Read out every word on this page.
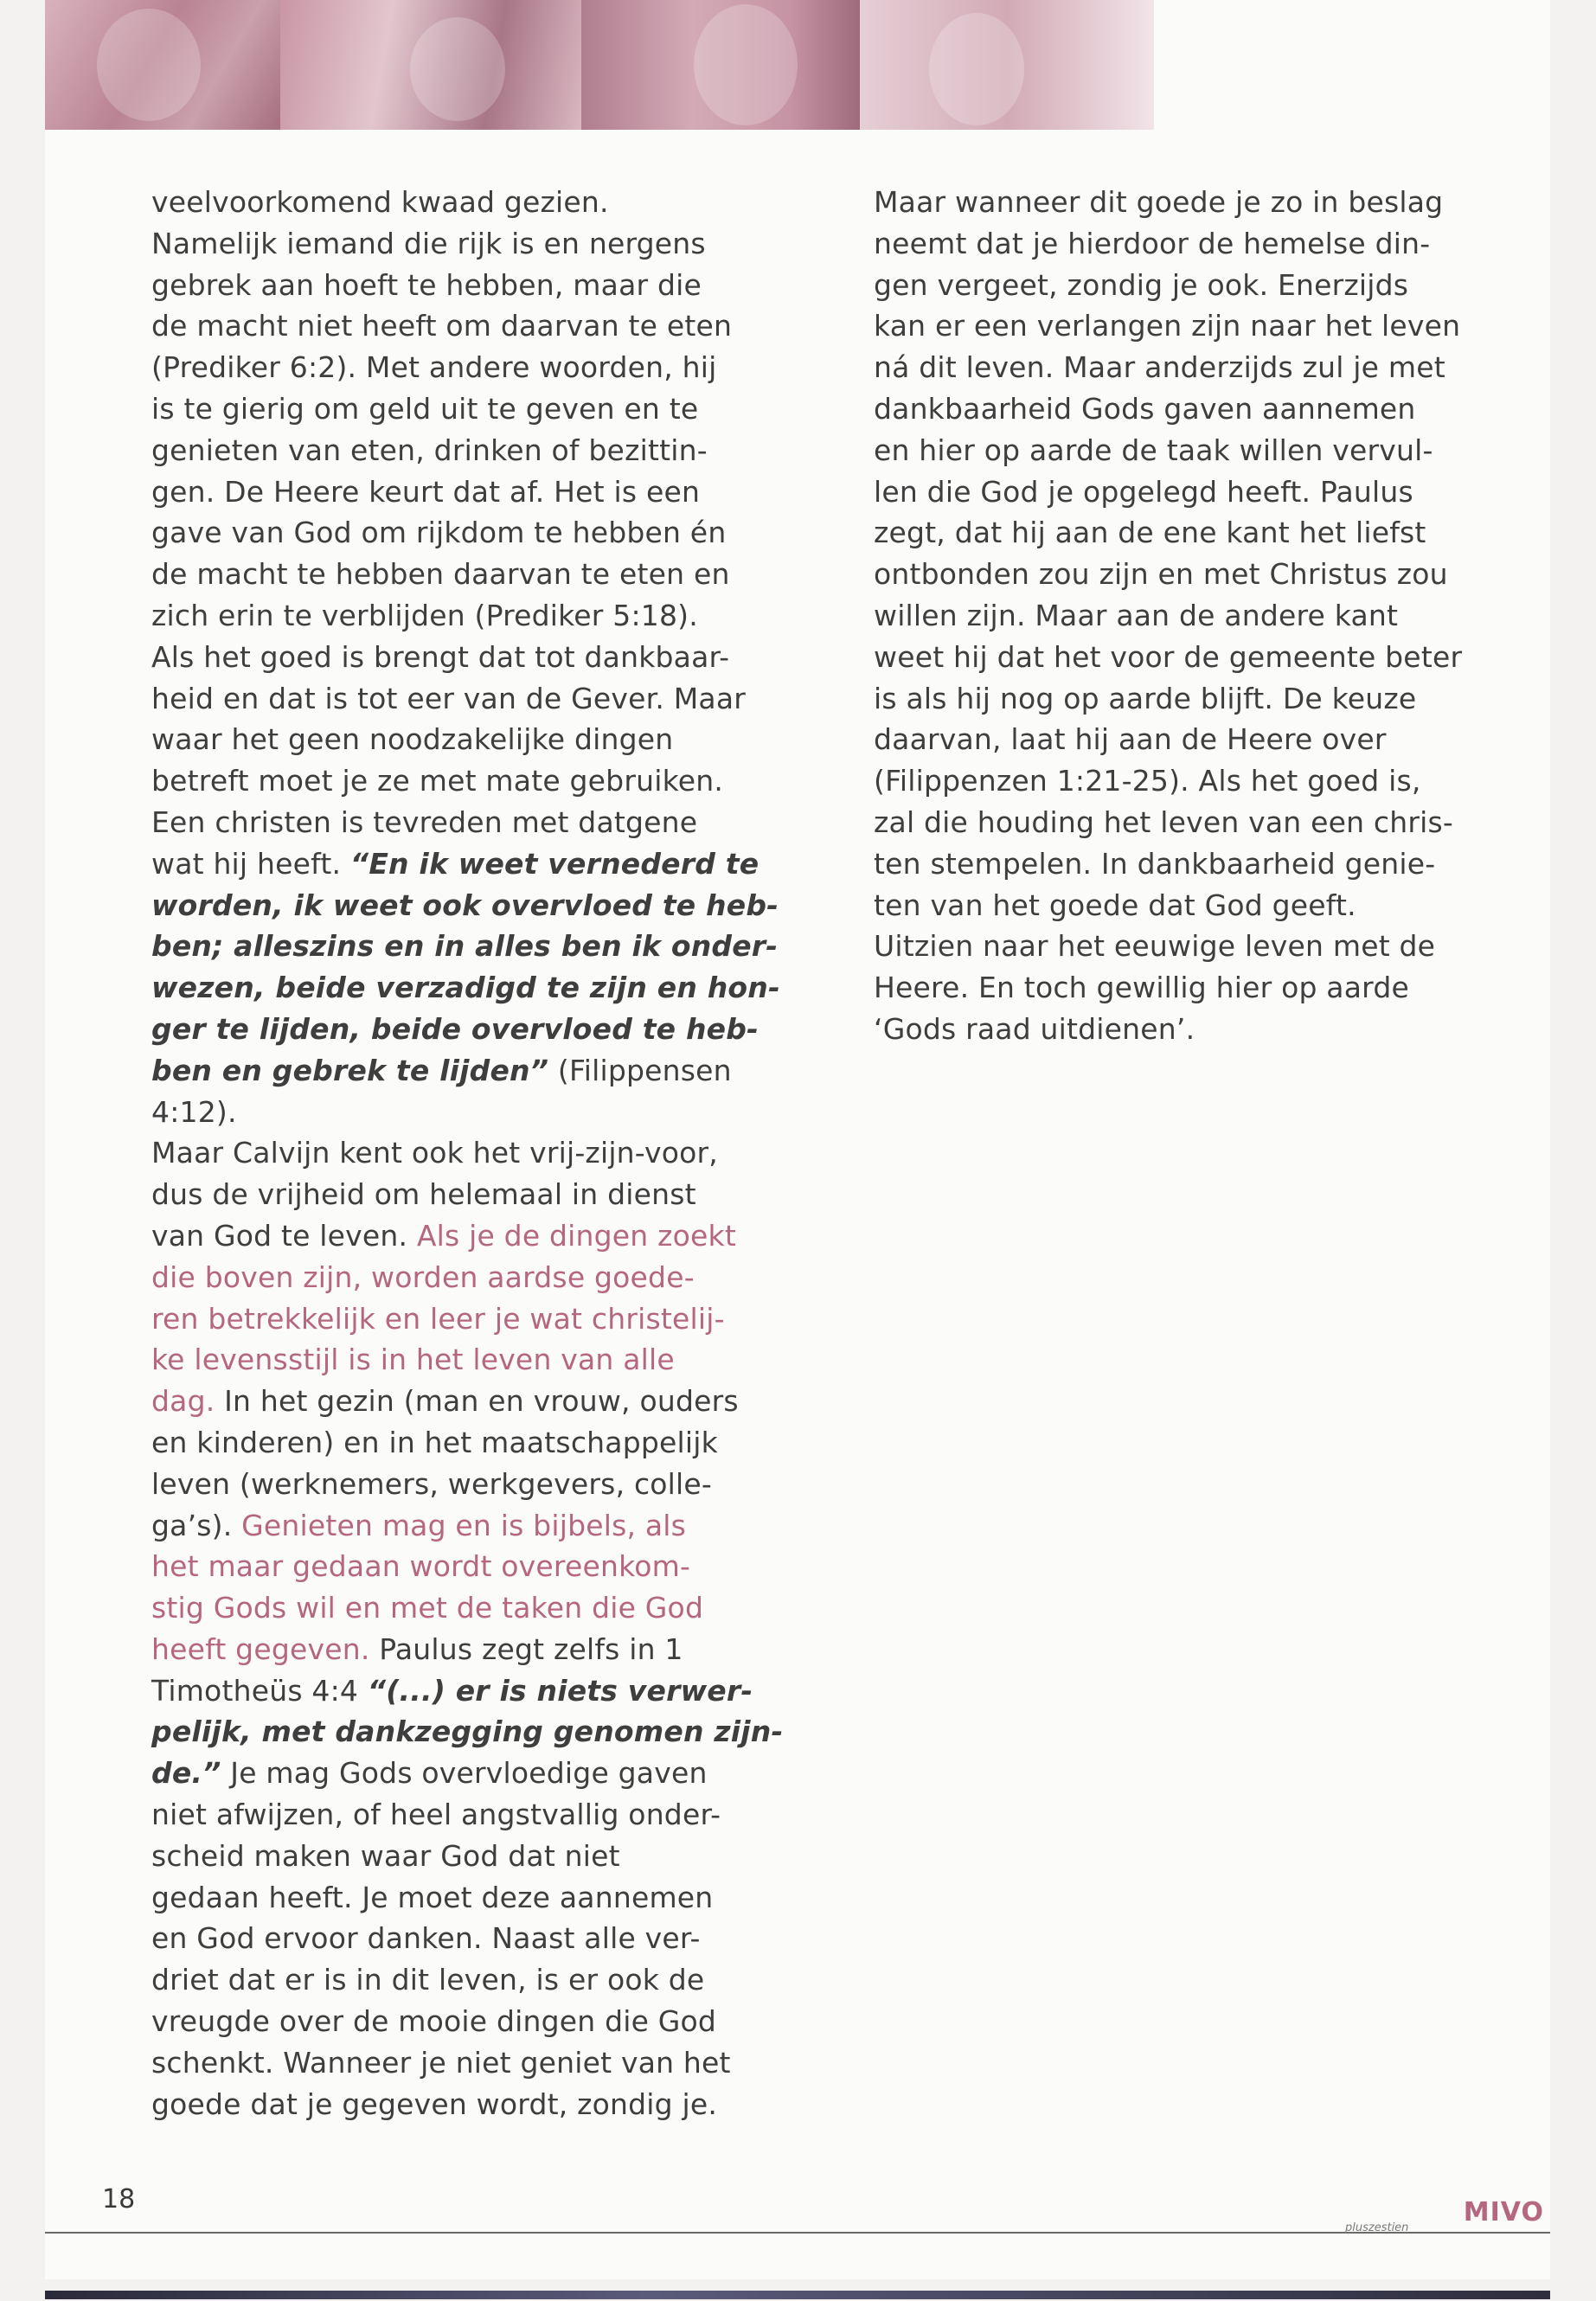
veelvoorkomend kwaad gezien.
Namelijk iemand die rijk is en nergens
gebrek aan hoeft te hebben, maar die
de macht niet heeft om daarvan te eten
(Prediker 6:2). Met andere woorden, hij
is te gierig om geld uit te geven en te
genieten van eten, drinken of bezittin-
gen. De Heere keurt dat af. Het is een
gave van God om rijkdom te hebben én
de macht te hebben daarvan te eten en
zich erin te verblijden (Prediker 5:18).
Als het goed is brengt dat tot dankbaar-
heid en dat is tot eer van de Gever. Maar
waar het geen noodzakelijke dingen
betreft moet je ze met mate gebruiken.
Een christen is tevreden met datgene
wat hij heeft. “En ik weet vernederd te
worden, ik weet ook overvloed te heb-
ben; alleszins en in alles ben ik onder-
wezen, beide verzadigd te zijn en hon-
ger te lijden, beide overvloed te heb-
ben en gebrek te lijden” (Filippensen
4:12).
Maar Calvijn kent ook het vrij-zijn-voor,
dus de vrijheid om helemaal in dienst
van God te leven. Als je de dingen zoekt
die boven zijn, worden aardse goede-
ren betrekkelijk en leer je wat christelij-
ke levensstijl is in het leven van alle
dag. In het gezin (man en vrouw, ouders
en kinderen) en in het maatschappelijk
leven (werknemers, werkgevers, colle-
ga’s). Genieten mag en is bijbels, als
het maar gedaan wordt overeenkom-
stig Gods wil en met de taken die God
heeft gegeven. Paulus zegt zelfs in 1
Timotheüs 4:4 “(...) er is niets verwer-
pelijk, met dankzegging genomen zijn-
de.” Je mag Gods overvloedige gaven
niet afwijzen, of heel angstvallig onder-
scheid maken waar God dat niet
gedaan heeft. Je moet deze aannemen
en God ervoor danken. Naast alle ver-
driet dat er is in dit leven, is er ook de
vreugde over de mooie dingen die God
schenkt. Wanneer je niet geniet van het
goede dat je gegeven wordt, zondig je.
Maar wanneer dit goede je zo in beslag
neemt dat je hierdoor de hemelse din-
gen vergeet, zondig je ook. Enerzijds
kan er een verlangen zijn naar het leven
ná dit leven. Maar anderzijds zul je met
dankbaarheid Gods gaven aannemen
en hier op aarde de taak willen vervul-
len die God je opgelegd heeft. Paulus
zegt, dat hij aan de ene kant het liefst
ontbonden zou zijn en met Christus zou
willen zijn. Maar aan de andere kant
weet hij dat het voor de gemeente beter
is als hij nog op aarde blijft. De keuze
daarvan, laat hij aan de Heere over
(Filippenzen 1:21-25). Als het goed is,
zal die houding het leven van een chris-
ten stempelen. In dankbaarheid genie-
ten van het goede dat God geeft.
Uitzien naar het eeuwige leven met de
Heere. En toch gewillig hier op aarde
‘Gods raad uitdienen’.
18	MIVO
pluszestien
